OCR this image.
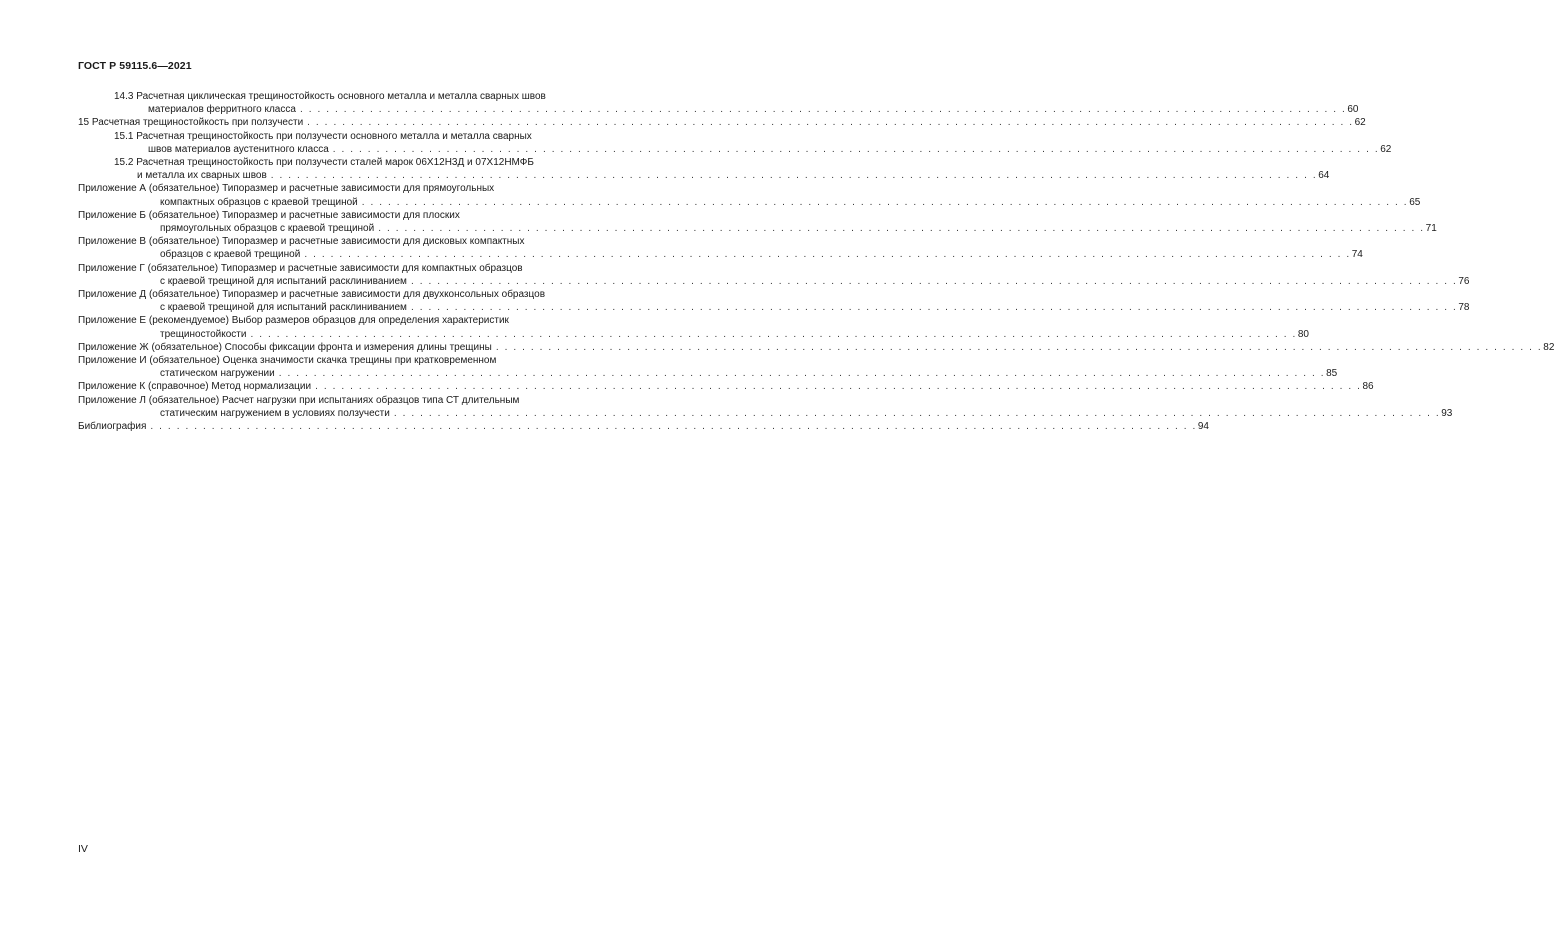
ГОСТ Р 59115.6—2021
14.3 Расчетная циклическая трещиностойкость основного металла и металла сварных швов
материалов ферритного класса . . . . . . . . . . . . . . . . . . . . . . . . . . . . . . . . . . . . . . . . . . . . . . . . . . . . . . . . . . . . . . . . . . . . . . . . . . . . . . . . . . . . . . . . . . . . . . . . . . . . . . . . . . . . . . . . . . . . . . . . 60
15 Расчетная трещиностойкость при ползучести . . . . . . . . . . . . . . . . . . . . . . . . . . . . . . . . . . . . . . . . . . . . . . . . . . . . . . . . . . . . . . . . . . . . . . . . . . . . . . . . . . . . . . . . . . . . . . . . . . . . . . . . . . . . . . . . . . . . . . . . 62
15.1 Расчетная трещиностойкость при ползучести основного металла и металла сварных
швов материалов аустенитного класса . . . . . . . . . . . . . . . . . . . . . . . . . . . . . . . . . . . . . . . . . . . . . . . . . . . . . . . . . . . . . . . . . . . . . . . . . . . . . . . . . . . . . . . . . . . . . . . . . . . . . . . . . . . . . . . . . . . . . . . . 62
15.2 Расчетная трещиностойкость при ползучести сталей марок 06Х12Н3Д и 07Х12НМФБ
и металла их сварных швов . . . . . . . . . . . . . . . . . . . . . . . . . . . . . . . . . . . . . . . . . . . . . . . . . . . . . . . . . . . . . . . . . . . . . . . . . . . . . . . . . . . . . . . . . . . . . . . . . . . . . . . . . . . . . . . . . . . . . . . . 64
Приложение А (обязательное) Типоразмер и расчетные зависимости для прямоугольных
компактных образцов с краевой трещиной . . . . . . . . . . . . . . . . . . . . . . . . . . . . . . . . . . . . . . . . . . . . . . . . . . . . . . . . . . . . . . . . . . . . . . . . . . . . . . . . . . . . . . . . . . . . . . . . . . . . . . . . . . . . . . . . . . . . . . . . 65
Приложение Б (обязательное) Типоразмер и расчетные зависимости для плоских
прямоугольных образцов с краевой трещиной . . . . . . . . . . . . . . . . . . . . . . . . . . . . . . . . . . . . . . . . . . . . . . . . . . . . . . . . . . . . . . . . . . . . . . . . . . . . . . . . . . . . . . . . . . . . . . . . . . . . . . . . . . . . . . . . . . . . . . . . 71
Приложение В (обязательное) Типоразмер и расчетные зависимости для дисковых компактных
образцов с краевой трещиной . . . . . . . . . . . . . . . . . . . . . . . . . . . . . . . . . . . . . . . . . . . . . . . . . . . . . . . . . . . . . . . . . . . . . . . . . . . . . . . . . . . . . . . . . . . . . . . . . . . . . . . . . . . . . . . . . . . . . . . . 74
Приложение Г (обязательное) Типоразмер и расчетные зависимости для компактных образцов
с краевой трещиной для испытаний расклиниванием . . . . . . . . . . . . . . . . . . . . . . . . . . . . . . . . . . . . . . . . . . . . . . . . . . . . . . . . . . . . . . . . . . . . . . . . . . . . . . . . . . . . . . . . . . . . . . . . . . . . . . . . . . . . . . . . . . . . . . . . 76
Приложение Д (обязательное) Типоразмер и расчетные зависимости для двухконсольных образцов
с краевой трещиной для испытаний расклиниванием . . . . . . . . . . . . . . . . . . . . . . . . . . . . . . . . . . . . . . . . . . . . . . . . . . . . . . . . . . . . . . . . . . . . . . . . . . . . . . . . . . . . . . . . . . . . . . . . . . . . . . . . . . . . . . . . . . . . . . . . 78
Приложение Е (рекомендуемое) Выбор размеров образцов для определения характеристик
трещиностойкости . . . . . . . . . . . . . . . . . . . . . . . . . . . . . . . . . . . . . . . . . . . . . . . . . . . . . . . . . . . . . . . . . . . . . . . . . . . . . . . . . . . . . . . . . . . . . . . . . . . . . . . . . . . . . . . . . . . . . . . . 80
Приложение Ж (обязательное) Способы фиксации фронта и измерения длины трещины . . . . . . . . . . . . . . . . . . . . . . . . . . . . . . . . . . . . . . . . . . . . . . . . . . . . . . . . . . . . . . . . . . . . . . . . . . . . . . . . . . . . . . . . . . . . . . . . . . . . . . . . . . . . . . . . . . . . . . . . 82
Приложение И (обязательное) Оценка значимости скачка трещины при кратковременном
статическом нагружении . . . . . . . . . . . . . . . . . . . . . . . . . . . . . . . . . . . . . . . . . . . . . . . . . . . . . . . . . . . . . . . . . . . . . . . . . . . . . . . . . . . . . . . . . . . . . . . . . . . . . . . . . . . . . . . . . . . . . . . . 85
Приложение К (справочное) Метод нормализации . . . . . . . . . . . . . . . . . . . . . . . . . . . . . . . . . . . . . . . . . . . . . . . . . . . . . . . . . . . . . . . . . . . . . . . . . . . . . . . . . . . . . . . . . . . . . . . . . . . . . . . . . . . . . . . . . . . . . . . . 86
Приложение Л (обязательное) Расчет нагрузки при испытаниях образцов типа СТ длительным
статическим нагружением в условиях ползучести . . . . . . . . . . . . . . . . . . . . . . . . . . . . . . . . . . . . . . . . . . . . . . . . . . . . . . . . . . . . . . . . . . . . . . . . . . . . . . . . . . . . . . . . . . . . . . . . . . . . . . . . . . . . . . . . . . . . . . . . 93
Библиография . . . . . . . . . . . . . . . . . . . . . . . . . . . . . . . . . . . . . . . . . . . . . . . . . . . . . . . . . . . . . . . . . . . . . . . . . . . . . . . . . . . . . . . . . . . . . . . . . . . . . . . . . . . . . . . . . . . . . . . . 94
IV
